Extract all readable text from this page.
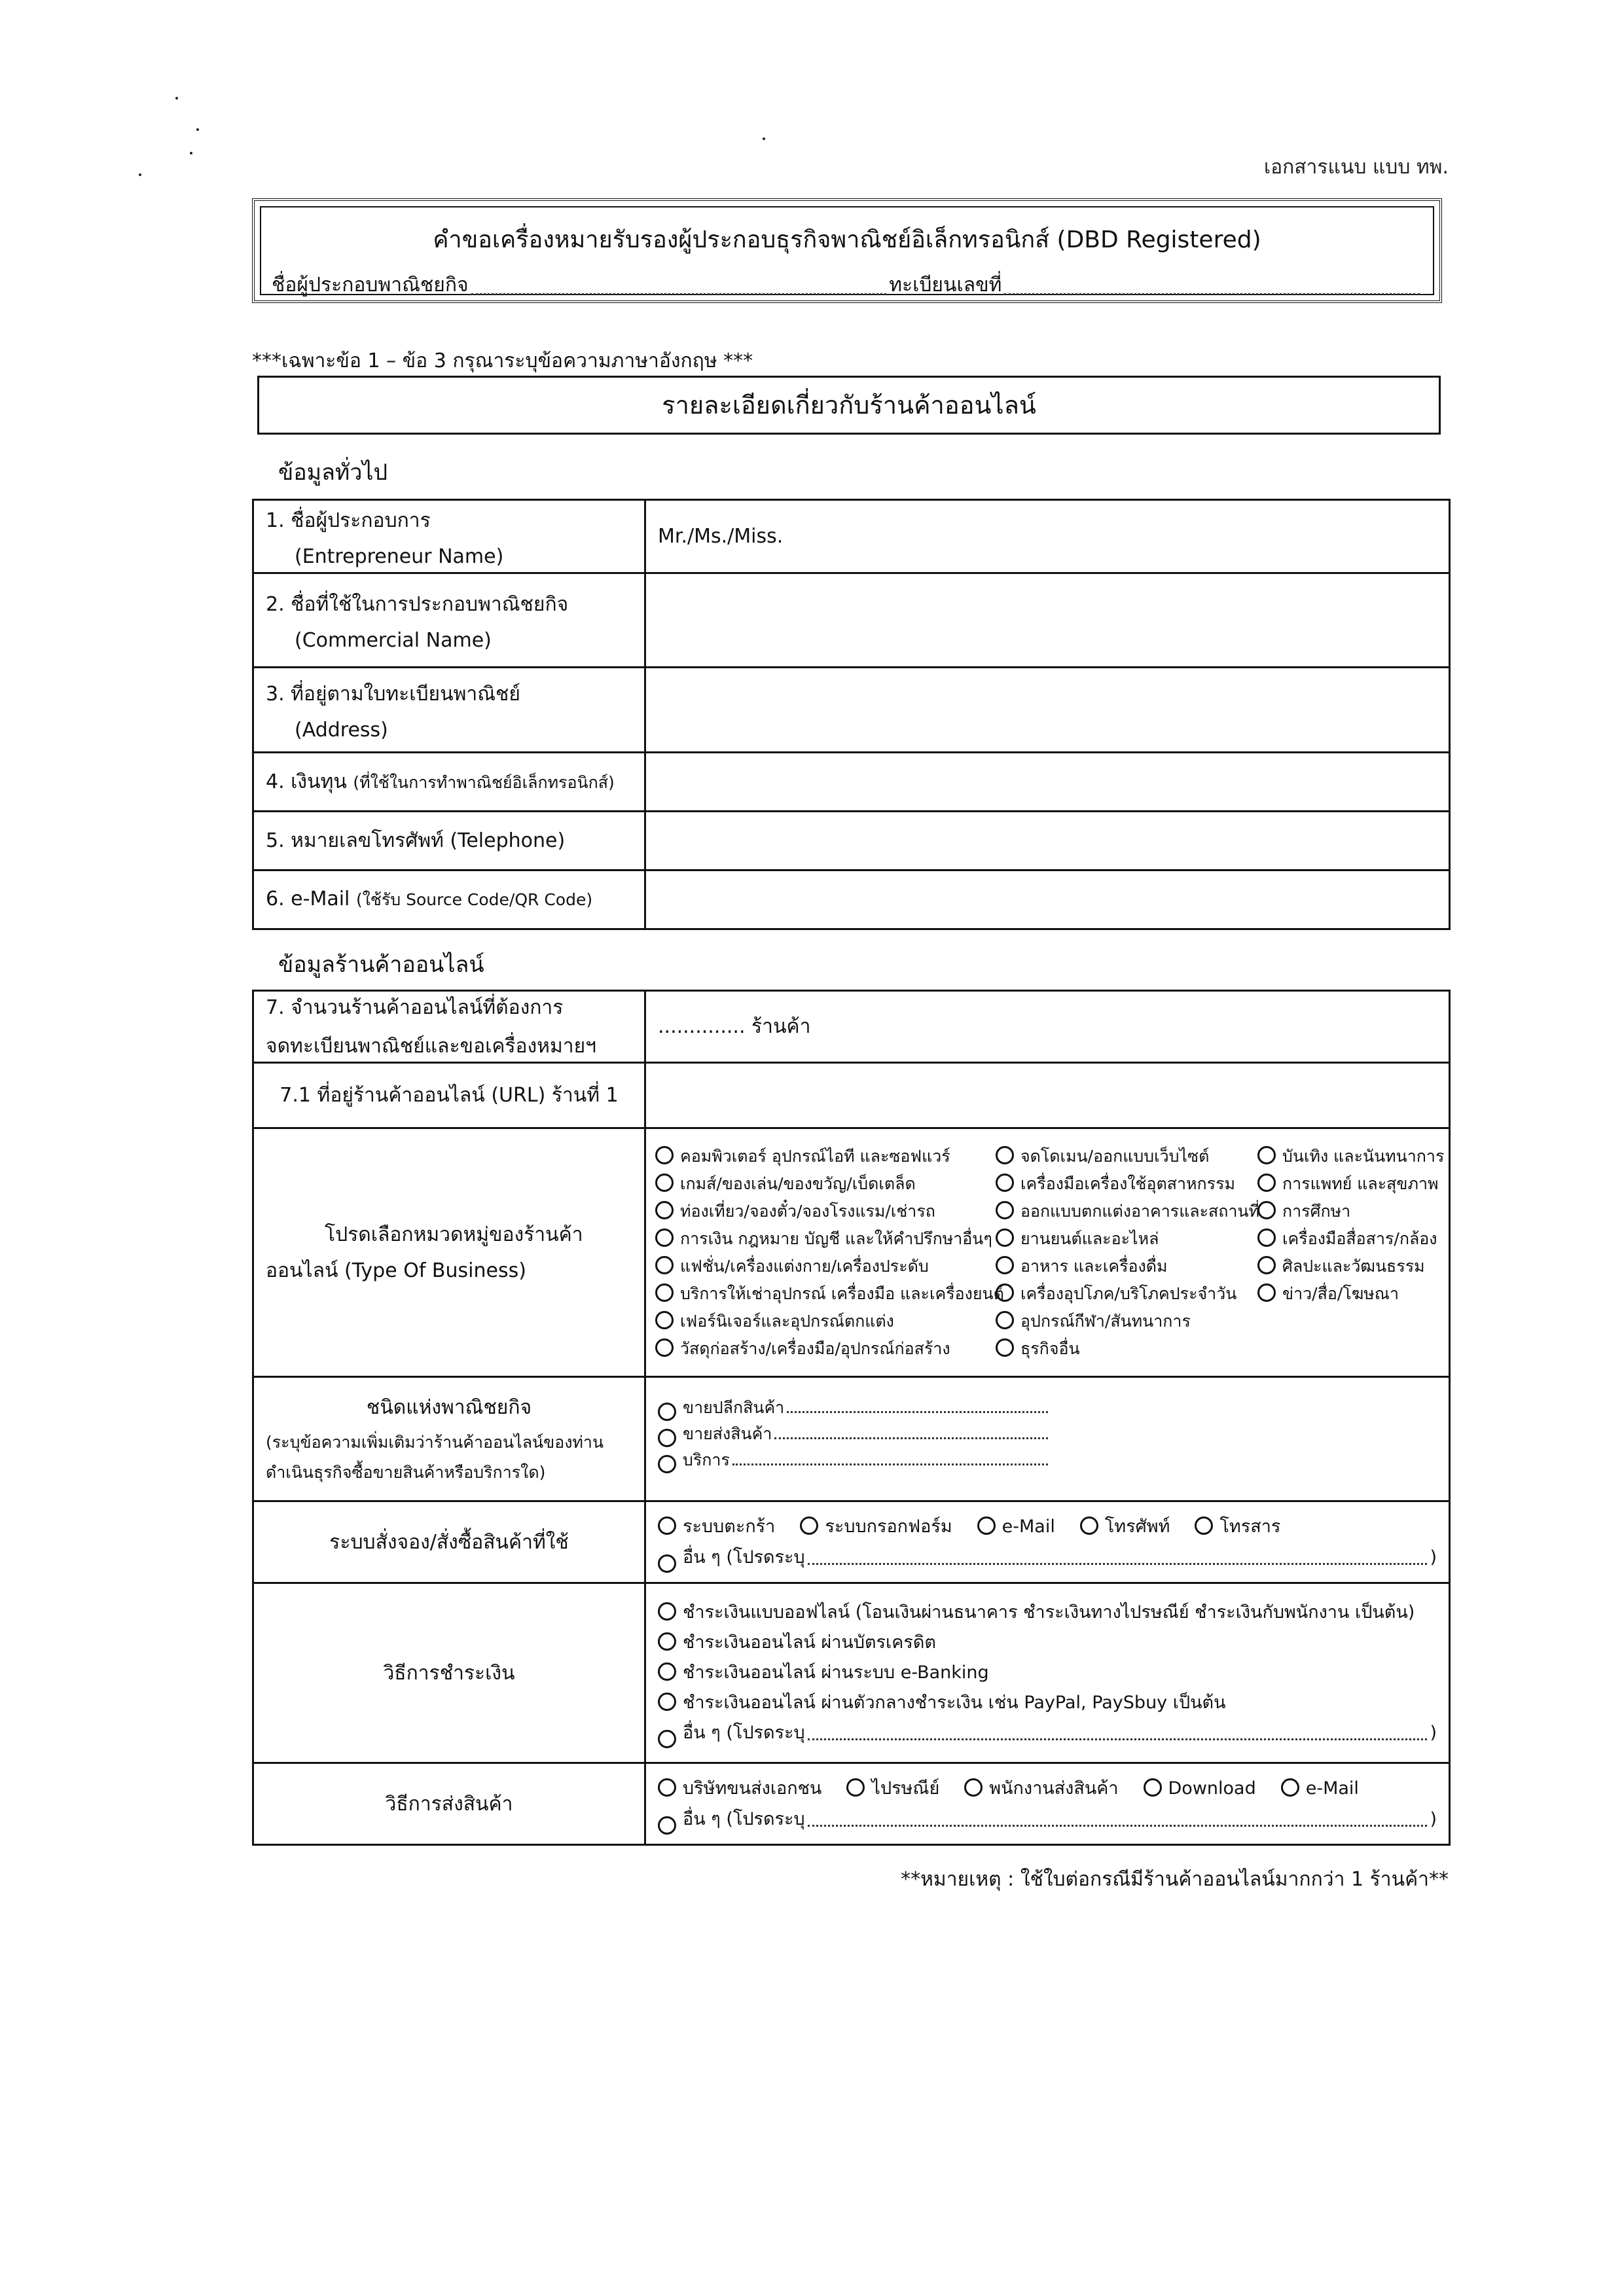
เอกสารแนบ แบบ ทพ.
คำขอเครื่องหมายรับรองผู้ประกอบธุรกิจพาณิชย์อิเล็กทรอนิกส์ (DBD Registered)
ชื่อผู้ประกอบพาณิชยกิจ	ทะเบียนเลขที่
***เฉพาะข้อ 1 – ข้อ 3 กรุณาระบุข้อความภาษาอังกฤษ ***
รายละเอียดเกี่ยวกับร้านค้าออนไลน์
ข้อมูลทั่วไป
1. ชื่อผู้ประกอบการ
(Entrepreneur Name)	Mr./Ms./Miss.
2. ชื่อที่ใช้ในการประกอบพาณิชยกิจ
(Commercial Name)	

3. ที่อยู่ตามใบทะเบียนพาณิชย์
(Address)	

4. เงินทุน (ที่ใช้ในการทำพาณิชย์อิเล็กทรอนิกส์)	
5. หมายเลขโทรศัพท์ (Telephone)	
6. e-Mail (ใช้รับ Source Code/QR Code)	
ข้อมูลร้านค้าออนไลน์
7. จำนวนร้านค้าออนไลน์ที่ต้องการ
จดทะเบียนพาณิชย์และขอเครื่องหมายฯ	.............. ร้านค้า
7.1 ที่อยู่ร้านค้าออนไลน์ (URL) ร้านที่ 1	

โปรดเลือกหมวดหมู่ของร้านค้า
ออนไลน์ (Type Of Business)

คอมพิวเตอร์ อุปกรณ์ไอที และซอฟแวร์	จดโดเมน/ออกแบบเว็บไซต์	บันเทิง และนันทนาการ
เกมส์/ของเล่น/ของขวัญ/เบ็ดเตล็ด	เครื่องมือเครื่องใช้อุตสาหกรรม	การแพทย์ และสุขภาพ
ท่องเที่ยว/จองตั๋ว/จองโรงแรม/เช่ารถ	ออกแบบตกแต่งอาคารและสถานที่	การศึกษา
การเงิน กฎหมาย บัญชี และให้คำปรึกษาอื่นๆ	ยานยนต์และอะไหล่	เครื่องมือสื่อสาร/กล้อง
แฟชั่น/เครื่องแต่งกาย/เครื่องประดับ	อาหาร และเครื่องดื่ม	ศิลปะและวัฒนธรรม
บริการให้เช่าอุปกรณ์ เครื่องมือ และเครื่องยนต์	เครื่องอุปโภค/บริโภคประจำวัน	ข่าว/สื่อ/โฆษณา
เฟอร์นิเจอร์และอุปกรณ์ตกแต่ง	อุปกรณ์กีฬา/สันทนาการ
วัสดุก่อสร้าง/เครื่องมือ/อุปกรณ์ก่อสร้าง	ธุรกิจอื่น

ชนิดแห่งพาณิชยกิจ
(ระบุข้อความเพิ่มเติมว่าร้านค้าออนไลน์ของท่าน
ดำเนินธุรกิจซื้อขายสินค้าหรือบริการใด)

ขายปลีกสินค้า
ขายส่งสินค้า
บริการ

ระบบสั่งจอง/สั่งซื้อสินค้าที่ใช้	
ระบบตะกร้า	ระบบกรอกฟอร์ม	e-Mail	โทรศัพท์	โทรสาร
อื่น ๆ (โปรดระบุ	)

วิธีการชำระเงิน	
ชำระเงินแบบออฟไลน์ (โอนเงินผ่านธนาคาร ชำระเงินทางไปรษณีย์ ชำระเงินกับพนักงาน เป็นต้น)
ชำระเงินออนไลน์ ผ่านบัตรเครดิต
ชำระเงินออนไลน์ ผ่านระบบ e-Banking
ชำระเงินออนไลน์ ผ่านตัวกลางชำระเงิน เช่น PayPal, PaySbuy เป็นต้น
อื่น ๆ (โปรดระบุ	)

วิธีการส่งสินค้า	
บริษัทขนส่งเอกชน	ไปรษณีย์	พนักงานส่งสินค้า	Download	e-Mail
อื่น ๆ (โปรดระบุ	)
**หมายเหตุ : ใช้ใบต่อกรณีมีร้านค้าออนไลน์มากกว่า 1 ร้านค้า**
